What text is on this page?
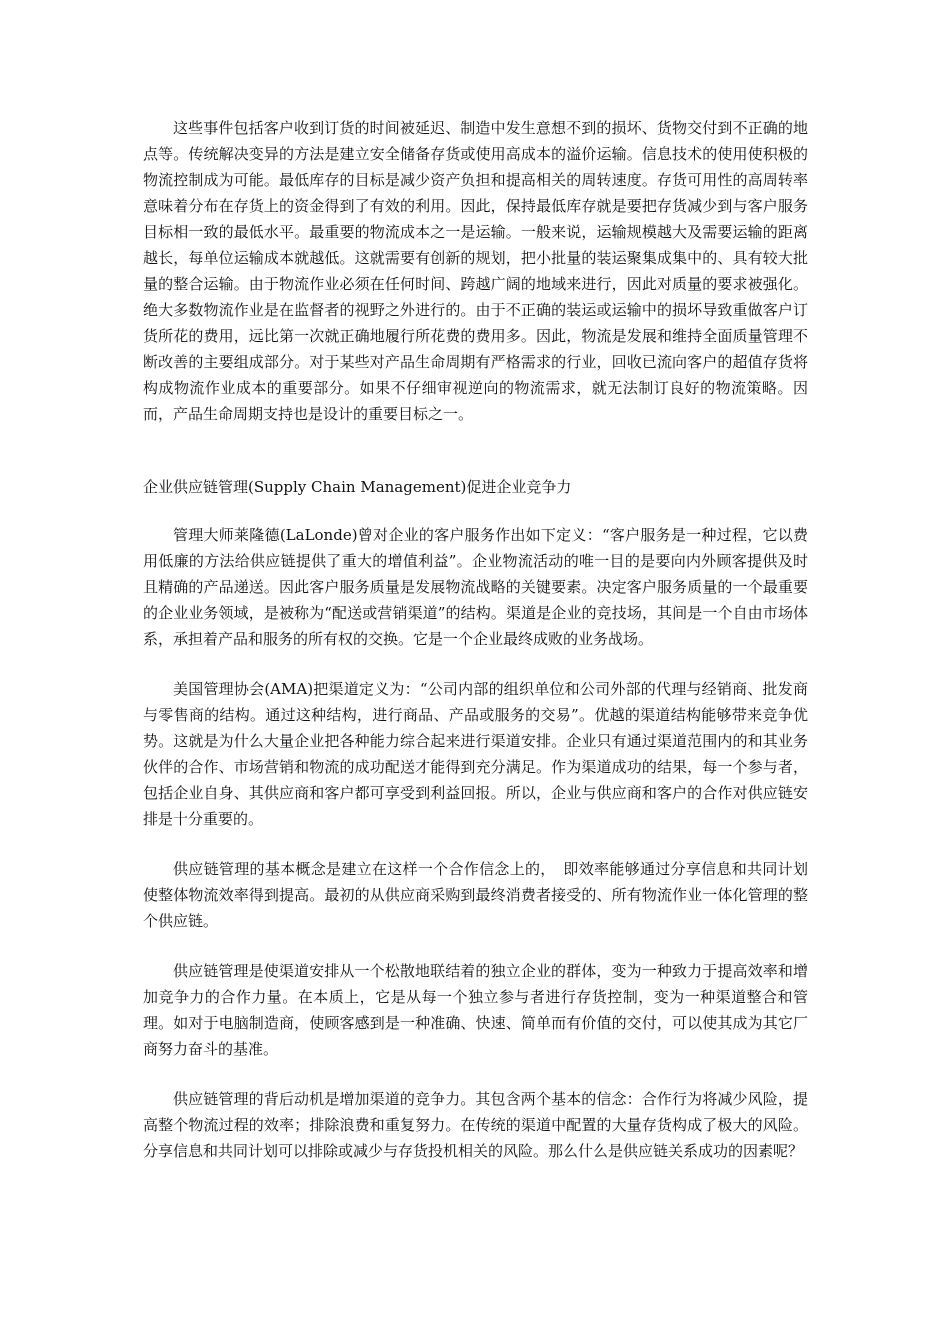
这些事件包括客户收到订货的时间被延迟、制造中发生意想不到的损坏、货物交付到不正确的地点等。传统解决变异的方法是建立安全储备存货或使用高成本的溢价运输。信息技术的使用使积极的物流控制成为可能。最低库存的目标是减少资产负担和提高相关的周转速度。存货可用性的高周转率意味着分布在存货上的资金得到了有效的利用。因此，保持最低库存就是要把存货减少到与客户服务目标相一致的最低水平。最重要的物流成本之一是运输。一般来说，运输规模越大及需要运输的距离越长，每单位运输成本就越低。这就需要有创新的规划，把小批量的装运聚集成集中的、具有较大批量的整合运输。由于物流作业必须在任何时间、跨越广阔的地域来进行，因此对质量的要求被强化。绝大多数物流作业是在监督者的视野之外进行的。由于不正确的装运或运输中的损坏导致重做客户订货所花的费用，远比第一次就正确地履行所花费的费用多。因此，物流是发展和维持全面质量管理不断改善的主要组成部分。对于某些对产品生命周期有严格需求的行业，回收已流向客户的超值存货将构成物流作业成本的重要部分。如果不仔细审视逆向的物流需求，就无法制订良好的物流策略。因而，产品生命周期支持也是设计的重要目标之一。

企业供应链管理(Supply Chain Management)促进企业竞争力

管理大师莱隆德(LaLonde)曾对企业的客户服务作出如下定义：“客户服务是一种过程，它以费用低廉的方法给供应链提供了重大的增值利益”。企业物流活动的唯一目的是要向内外顾客提供及时且精确的产品递送。因此客户服务质量是发展物流战略的关键要素。决定客户服务质量的一个最重要的企业业务领域，是被称为“配送或营销渠道”的结构。渠道是企业的竞技场，其间是一个自由市场体系，承担着产品和服务的所有权的交换。它是一个企业最终成败的业务战场。

美国管理协会(AMA)把渠道定义为：“公司内部的组织单位和公司外部的代理与经销商、批发商与零售商的结构。通过这种结构，进行商品、产品或服务的交易”。优越的渠道结构能够带来竞争优势。这就是为什么大量企业把各种能力综合起来进行渠道安排。企业只有通过渠道范围内的和其业务伙伴的合作、市场营销和物流的成功配送才能得到充分满足。作为渠道成功的结果，每一个参与者，包括企业自身、其供应商和客户都可享受到利益回报。所以，企业与供应商和客户的合作对供应链安排是十分重要的。

供应链管理的基本概念是建立在这样一个合作信念上的，　即效率能够通过分享信息和共同计划使整体物流效率得到提高。最初的从供应商采购到最终消费者接受的、所有物流作业一体化管理的整个供应链。

供应链管理是使渠道安排从一个松散地联结着的独立企业的群体，变为一种致力于提高效率和增加竞争力的合作力量。在本质上，它是从每一个独立参与者进行存货控制，变为一种渠道整合和管理。如对于电脑制造商，使顾客感到是一种准确、快速、简单而有价值的交付，可以使其成为其它厂商努力奋斗的基准。

供应链管理的背后动机是增加渠道的竞争力。其包含两个基本的信念：合作行为将减少风险，提高整个物流过程的效率；排除浪费和重复努力。在传统的渠道中配置的大量存货构成了极大的风险。分享信息和共同计划可以排除或减少与存货投机相关的风险。那么什么是供应链关系成功的因素呢？
